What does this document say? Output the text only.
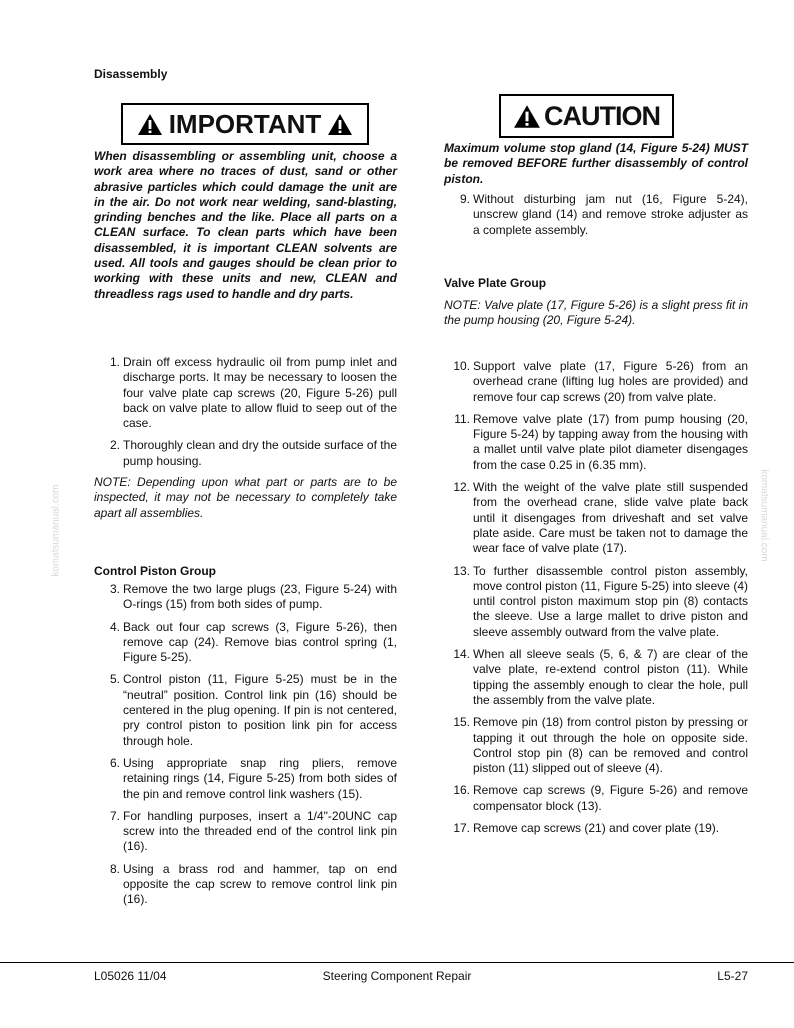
Disassembly
IMPORTANT
When disassembling or assembling unit, choose a work area where no traces of dust, sand or other abrasive particles which could damage the unit are in the air. Do not work near welding, sand-blasting, grinding benches and the like. Place all parts on a CLEAN surface. To clean parts which have been disassembled, it is important CLEAN solvents are used. All tools and gauges should be clean prior to working with these units and new, CLEAN and threadless rags used to handle and dry parts.
1. Drain off excess hydraulic oil from pump inlet and discharge ports. It may be necessary to loosen the four valve plate cap screws (20, Figure 5-26) pull back on valve plate to allow fluid to seep out of the case.
2. Thoroughly clean and dry the outside surface of the pump housing.
NOTE: Depending upon what part or parts are to be inspected, it may not be necessary to completely take apart all assemblies.
Control Piston Group
3. Remove the two large plugs (23, Figure 5-24) with O-rings (15) from both sides of pump.
4. Back out four cap screws (3, Figure 5-26), then remove cap (24). Remove bias control spring (1, Figure 5-25).
5. Control piston (11, Figure 5-25) must be in the “neutral” position. Control link pin (16) should be centered in the plug opening. If pin is not centered, pry control piston to position link pin for access through hole.
6. Using appropriate snap ring pliers, remove retaining rings (14, Figure 5-25) from both sides of the pin and remove control link washers (15).
7. For handling purposes, insert a 1/4"-20UNC cap screw into the threaded end of the control link pin (16).
8. Using a brass rod and hammer, tap on end opposite the cap screw to remove control link pin (16).
CAUTION
Maximum volume stop gland (14, Figure 5-24) MUST be removed BEFORE further disassembly of control piston.
9. Without disturbing jam nut (16, Figure 5-24), unscrew gland (14) and remove stroke adjuster as a complete assembly.
Valve Plate Group
NOTE: Valve plate (17, Figure 5-26) is a slight press fit in the pump housing (20, Figure 5-24).
10. Support valve plate (17, Figure 5-26) from an overhead crane (lifting lug holes are provided) and remove four cap screws (20) from valve plate.
11. Remove valve plate (17) from pump housing (20, Figure 5-24) by tapping away from the housing with a mallet until valve plate pilot diameter disengages from the case 0.25 in (6.35 mm).
12. With the weight of the valve plate still suspended from the overhead crane, slide valve plate back until it disengages from driveshaft and set valve plate aside. Care must be taken not to damage the wear face of valve plate (17).
13. To further disassemble control piston assembly, move control piston (11, Figure 5-25) into sleeve (4) until control piston maximum stop pin (8) contacts the sleeve. Use a large mallet to drive piston and sleeve assembly outward from the valve plate.
14. When all sleeve seals (5, 6, & 7) are clear of the valve plate, re-extend control piston (11). While tipping the assembly enough to clear the hole, pull the assembly from the valve plate.
15. Remove pin (18) from control piston by pressing or tapping it out through the hole on opposite side. Control stop pin (8) can be removed and control piston (11) slipped out of sleeve (4).
16. Remove cap screws (9, Figure 5-26) and remove compensator block (13).
17. Remove cap screws (21) and cover plate (19).
komatsumanual.com	komatsumanual.com
L05026 11/04	Steering Component Repair	L5-27
